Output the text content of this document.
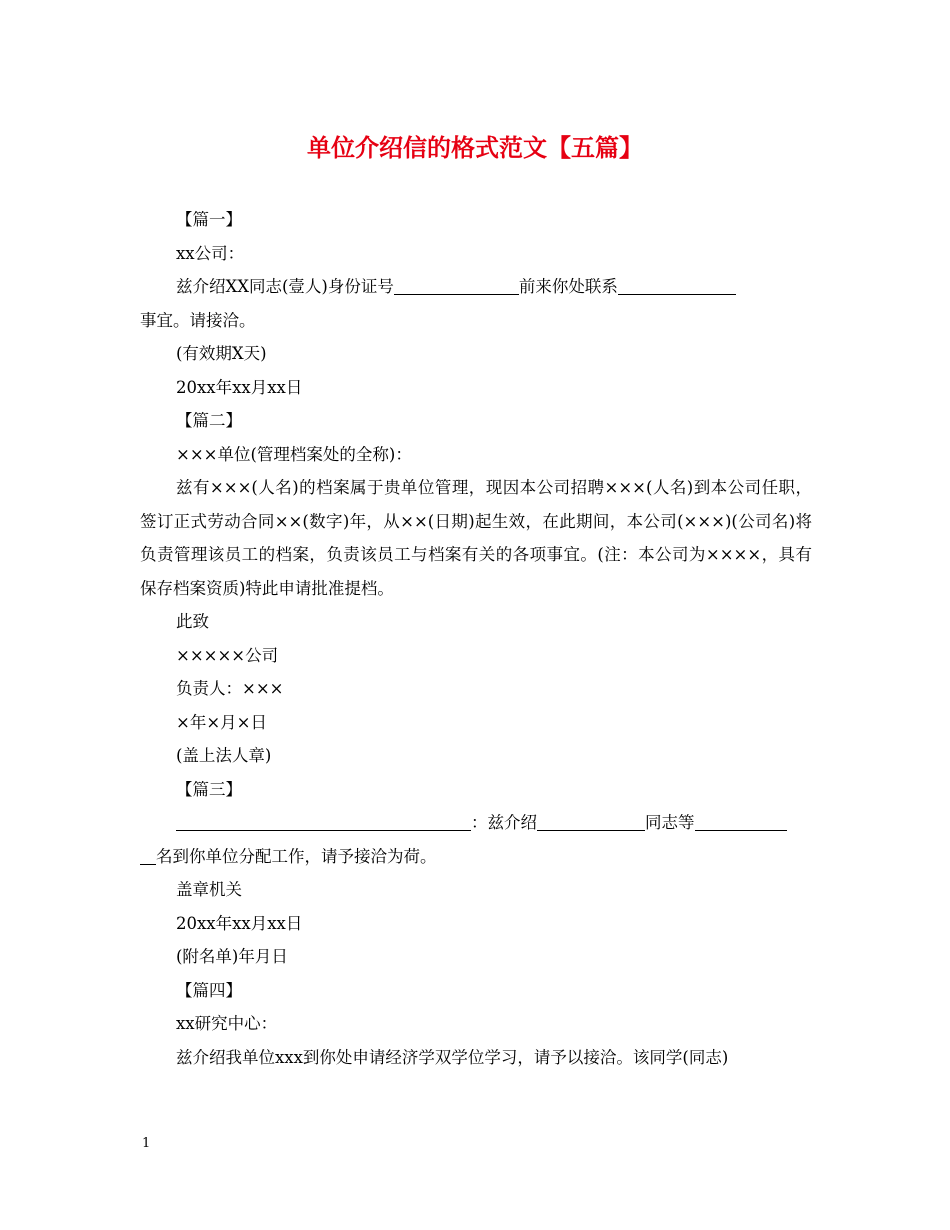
单位介绍信的格式范文【五篇】

【篇一】

xx公司：

兹介绍XX同志(壹人)身份证号	前来你处联系

事宜。请接洽。

(有效期X天)

20xx年xx月xx日

【篇二】

×××单位(管理档案处的全称)：

兹有×××(人名)的档案属于贵单位管理，现因本公司招聘×××(人名)到本公司任职，签订正式劳动合同××(数字)年，从××(日期)起生效，在此期间，本公司(×××)(公司名)将负责管理该员工的档案，负责该员工与档案有关的各项事宜。(注：本公司为××××，具有保存档案资质)特此申请批准提档。

此致

×××××公司

负责人：×××

×年×月×日

(盖上法人章)

【篇三】

：兹介绍	同志等

名到你单位分配工作，请予接洽为荷。

盖章机关

20xx年xx月xx日

(附名单)年月日

【篇四】

xx研究中心：

兹介绍我单位xxx到你处申请经济学双学位学习，请予以接洽。该同学(同志)

1
